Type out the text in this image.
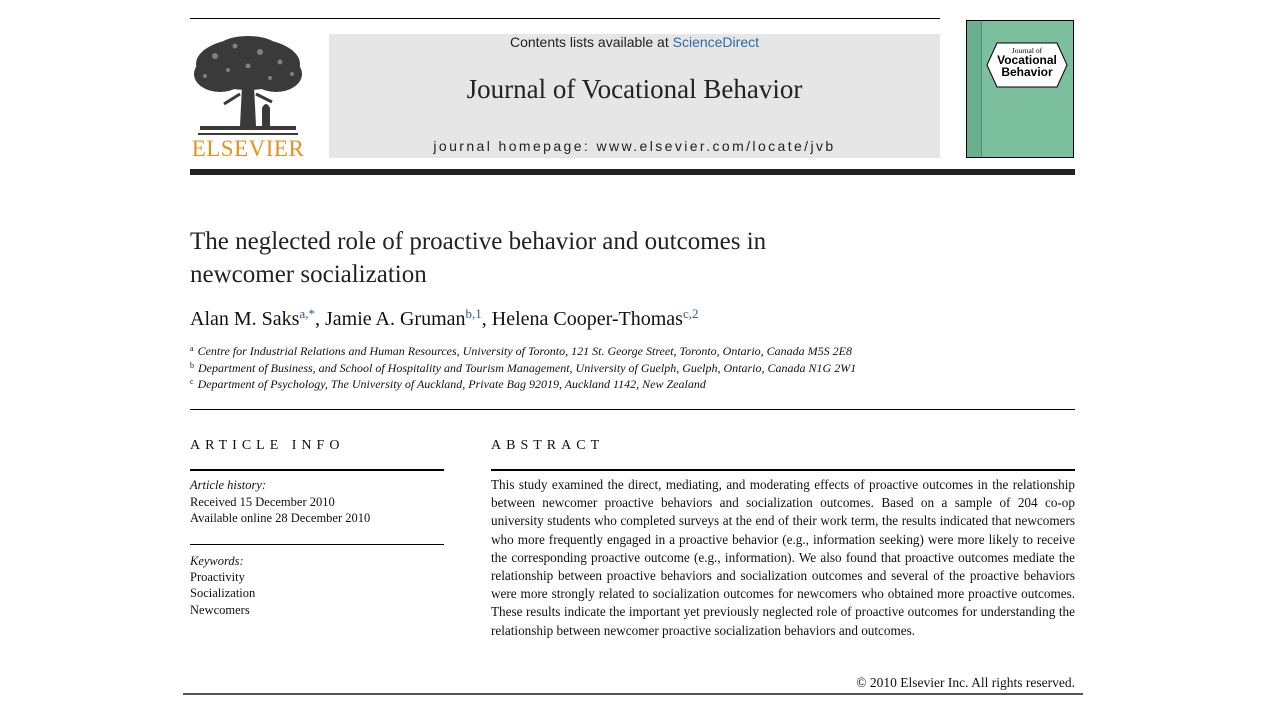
ELSEVIER
Contents lists available at ScienceDirect
Journal of Vocational Behavior
journal homepage: www.elsevier.com/locate/jvb
Journal of
Vocational
Behavior
The neglected role of proactive behavior and outcomes in
newcomer socialization
Alan M. Saks$^{a,*}$, Jamie A. Gruman$^{b,1}$, Helena Cooper-Thomas$^{c,2}$
$^a$ Centre for Industrial Relations and Human Resources, University of Toronto, 121 St. George Street, Toronto, Ontario, Canada M5S 2E8
$^b$ Department of Business, and School of Hospitality and Tourism Management, University of Guelph, Guelph, Ontario, Canada N1G 2W1
$^c$ Department of Psychology, The University of Auckland, Private Bag 92019, Auckland 1142, New Zealand
ARTICLE INFO
Article history:
Received 15 December 2010
Available online 28 December 2010
Keywords:
Proactivity
Socialization
Newcomers
ABSTRACT
This study examined the direct, mediating, and moderating effects of proactive outcomes in the relationship between newcomer proactive behaviors and socialization outcomes. Based on a sample of 204 co-op university students who completed surveys at the end of their work term, the results indicated that newcomers who more frequently engaged in a proactive behavior (e.g., information seeking) were more likely to receive the corresponding proactive outcome (e.g., information). We also found that proactive outcomes mediate the relationship between proactive behaviors and socialization outcomes and several of the proactive behaviors were more strongly related to socialization outcomes for newcomers who obtained more proactive outcomes. These results indicate the important yet previously neglected role of proactive outcomes for understanding the relationship between newcomer proactive socialization behaviors and outcomes.
© 2010 Elsevier Inc. All rights reserved.
